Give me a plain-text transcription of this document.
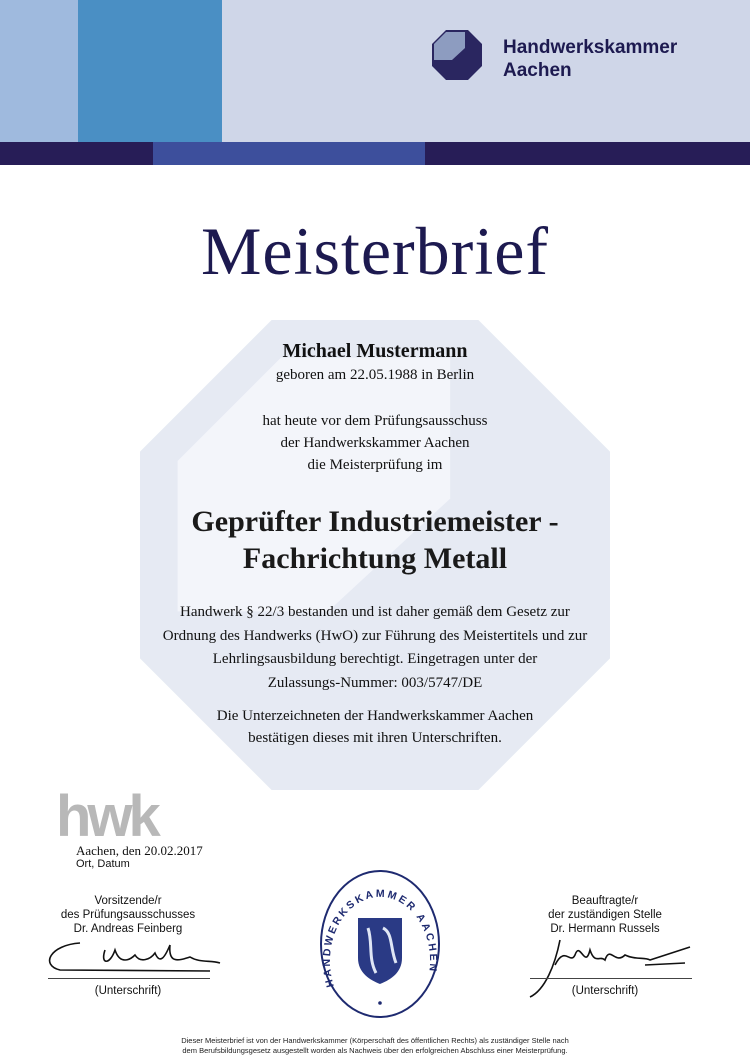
Handwerkskammer
Aachen
Meisterbrief
Michael Mustermann
geboren am 22.05.1988 in Berlin
hat heute vor dem Prüfungsausschuss
der Handwerkskammer Aachen
die Meisterprüfung im
Geprüfter Industriemeister -
Fachrichtung Metall
Handwerk § 22/3 bestanden und ist daher gemäß dem Gesetz zur
Ordnung des Handwerks (HwO) zur Führung des Meistertitels und zur
Lehrlingsausbildung berechtigt. Eingetragen unter der
Zulassungs-Nummer: 003/5747/DE
Die Unterzeichneten der Handwerkskammer Aachen
bestätigen dieses mit ihren Unterschriften.
hwk
Aachen, den 20.02.2017
Ort, Datum
Vorsitzende/r
des Prüfungsausschusses
Dr. Andreas Feinberg
(Unterschrift)
Beauftragte/r
der zuständigen Stelle
Dr. Hermann Russels
(Unterschrift)
HANDWERKSKAMMER AACHEN
Dieser Meisterbrief ist von der Handwerkskammer (Körperschaft des öffentlichen Rechts) als zuständiger Stelle nach
dem Berufsbildungsgesetz ausgestellt worden als Nachweis über den erfolgreichen Abschluss einer Meisterprüfung.
